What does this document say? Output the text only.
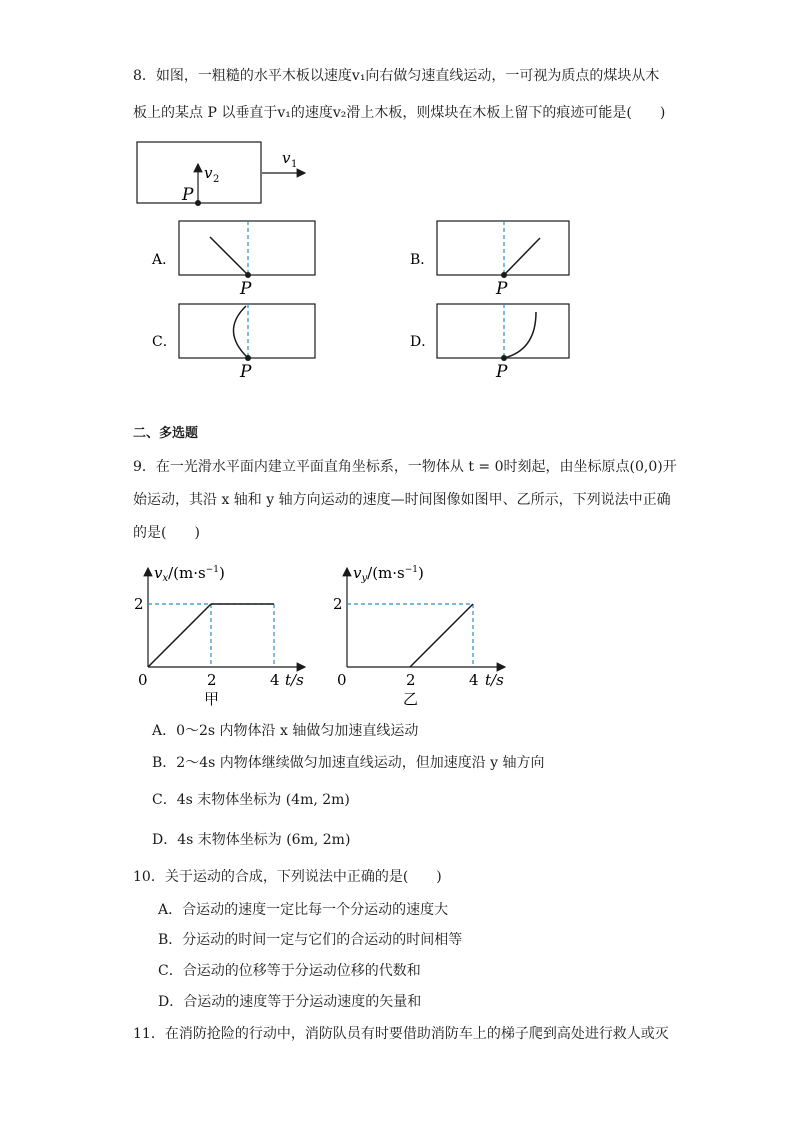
8．如图，一粗糙的水平木板以速度v₁向右做匀速直线运动，一可视为质点的煤块从木
板上的某点 P 以垂直于v₁的速度v₂滑上木板，则煤块在木板上留下的痕迹可能是(　　)
v 2
P
v 1
A．
P
B．
P
C．
P
D．
P
二、多选题
9．在一光滑水平面内建立平面直角坐标系，一物体从 t = 0时刻起，由坐标原点(0,0)开
始运动，其沿 x 轴和 y 轴方向运动的速度—时间图像如图甲、乙所示，下列说法中正确
的是(　　)
$v_x/(m\cdot s^{-1})$
t/s
0	2	4
2
甲
$v_y/(m\cdot s^{-1})$
t/s
0	2	4
2
乙
A．0～2s 内物体沿 x 轴做匀加速直线运动
B．2～4s 内物体继续做匀加速直线运动，但加速度沿 y 轴方向
C．4s 末物体坐标为 (4m, 2m)
D．4s 末物体坐标为 (6m, 2m)
10．关于运动的合成，下列说法中正确的是(　　)
A．合运动的速度一定比每一个分运动的速度大
B．分运动的时间一定与它们的合运动的时间相等
C．合运动的位移等于分运动位移的代数和
D．合运动的速度等于分运动速度的矢量和
11．在消防抢险的行动中，消防队员有时要借助消防车上的梯子爬到高处进行救人或灭
